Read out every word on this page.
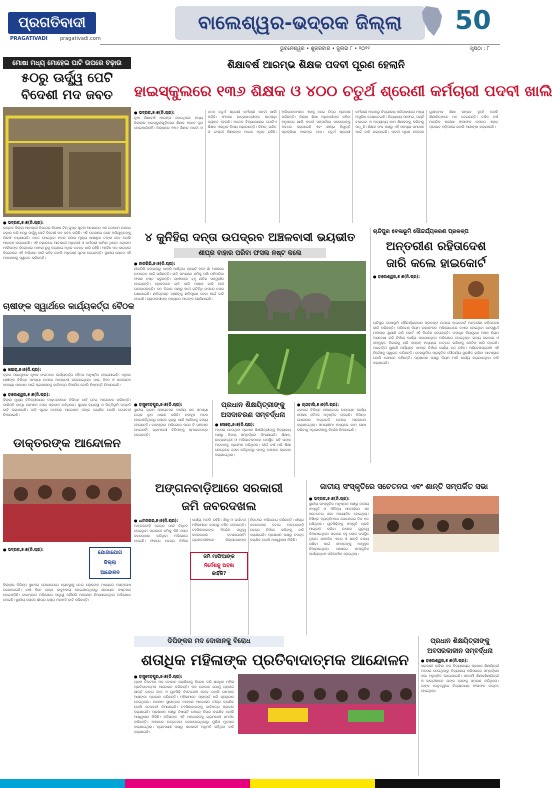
ପ୍ରଗତିବାଦୀ
PRAGATIVADI	pragativadi.com
ବାଲେଶ୍ୱର-ଭଦ୍ରକ ଜିଲ୍ଲା	50
ଭୁବନେଶ୍ୱର • ଶୁକ୍ରବାର • ଜୁଲାଇ ୮ • ୨୦୨୨	ପୃଷ୍ଠା : ୮
ମୋଷା ମଧ୍ୟ ମୋହେଇ ଘାଟି ଉପରେ ଚଢ଼ାଉ
୫୦ରୁ ଊର୍ଦ୍ଧ୍ୱ ପେଟି
ବିଦେଶୀ ମଦ ଜବତ
● ଭଦ୍ରକ,୭।୭(ନି.ପ୍ର):
ଭଦ୍ରକ ଜିଲ୍ଲା ଆବକାରୀ ବିଭାଗର ବିଶେଷ ଟିମ୍ ଗୁପ୍ତ ସୂଚନା ଆଧାରରେ ଏକ ଗୋଦାମ ଉପରେ ଚଢ଼ାଉ କରି ୫୦ରୁ ଊର୍ଦ୍ଧ୍ୱ ପେଟି ବିଦେଶୀ ମଦ ଜବତ କରିଛି। ଏହି ଘଟଣାରେ ଜଣେ ଅଭିଯୁକ୍ତଙ୍କୁ ଗିରଫ କରାଯାଇଛି। ଜବତ ହୋଇଥିବା ମଦର ବଜାର ମୂଲ୍ୟ ଲକ୍ଷାଧିକ ଟଙ୍କା ହେବ ବୋଲି ଆକଳନ କରାଯାଉଛି। ଏହି ଚଢ଼ାଉରେ ଆବକାରୀ ଅଧିକାରୀ ଓ କର୍ମଚାରୀ ସାମିଲ ଥିଲେ। ଗୋଦାମ ମାଲିକଙ୍କ ବିରୋଧରେ ମାମଲା ରୁଜୁ କରାଯାଇ ଅଧିକ ତଦନ୍ତ ଜାରି ରହିଛି। ଅବୈଧ ମଦ କାରବାର ବିରୋଧରେ ଏହି ଅଭିଯାନ ଜାରି ରହିବ ବୋଲି ଅଧିକାରୀ ସୂଚନା ଦେଇଛନ୍ତି। ସ୍ଥାନୀୟ ଲୋକେ ଏହି ପଦକ୍ଷେପକୁ ସ୍ୱାଗତ କରିଛନ୍ତି।
ଚାଷୀଙ୍କ ସ୍ୱାର୍ଥରେ କାର୍ଯ୍ୟକର୍ତ୍ତା ବୈଠକ
● ଖଇରା,୭।୭(ନି.ପ୍ର):
ବ୍ଲକ ସଭାଗୃହରେ କୃଷକ ସଂଗଠନର କାର୍ଯ୍ୟକର୍ତ୍ତା ବୈଠକ ଅନୁଷ୍ଠିତ ହୋଇଯାଇଛି। ଏଥିରେ ଚାଷୀଙ୍କ ବିଭିନ୍ନ ସମସ୍ୟା ଉପରେ ଆଲୋଚନା କରାଯାଇଥିଲା। ସାର, ବିହନ ଓ ଜଳସେଚନ ସମସ୍ୟା ସମାଧାନ ପାଇଁ ପ୍ରଶାସନକୁ ଦାବିପତ୍ର ଦିଆଯିବ ବୋଲି ନିଷ୍ପତ୍ତି ନିଆଯାଇଛି।
● ବାଲେଶ୍ୱର,୭।୭(ନି.ପ୍ର):
ଜିଲ୍ଲା ମୁଖ୍ୟ ଚିକିତ୍ସାଳୟର ଡାକ୍ତରମାନେ ବିଭିନ୍ନ ଦାବି ନେଇ ଆନ୍ଦୋଳନ କରିଛନ୍ତି। କାଳିପଟି ବାନ୍ଧି ସେମାନେ ସେବା ପ୍ରଦାନ କରିଥିଲେ। ସୁରକ୍ଷା ବ୍ୟବସ୍ଥା ଓ ଭିତ୍ତିଭୂମି ଉନ୍ନତି ଦାବି କରାଯାଇଛି। ଦାବି ପୂରଣ ନହେଲେ ଆନ୍ଦୋଳନ ତୀବ୍ର କରାଯିବ ବୋଲି ଚେତାବନୀ ଦିଆଯାଇଛି।
ଡାକ୍ତରଙ୍କ ଆନ୍ଦୋଳନ
ଯୋଗାଯୋଗ
ଜିଲ୍ଲା
ଆନ୍ଦୋଳନ
● ଭଦ୍ରକ,୭।୭(ନି.ପ୍ର):
ଜିଲ୍ଲାର ବିଭିନ୍ନ ସ୍ଥାନରେ ଯୋଗାଯୋଗ ବ୍ୟବସ୍ଥାକୁ ନେଇ ଲୋକଙ୍କ ମଧ୍ୟରେ ଅସନ୍ତୋଷ ଦେଖାଦେଇଛି। ବର୍ଷା ଦିନେ ରାସ୍ତା କାଦୁଅମୟ ହୋଇଯାଉଥିବାରୁ ଯାତାୟାତ କଷ୍ଟକର ହୋଇପଡ଼ିଛି। ବାରମ୍ବାର ଅଭିଯୋଗ ସତ୍ତ୍ୱେ କୌଣସି ପଦକ୍ଷେପ ନିଆଯାଉନଥିବା ଅଭିଯୋଗ ହୋଇଛି। ସ୍ଥାନୀୟ ଲୋକେ ଶୀଘ୍ର ରାସ୍ତା ମରାମତି ଦାବି କରିଛନ୍ତି।
ଶିକ୍ଷାବର୍ଷ ଆରମ୍ଭ ଶିକ୍ଷକ ପଦବୀ ପୂରଣ ହେଲାନି
ହାଇସ୍କୁଲରେ ୧୩୬ ଶିକ୍ଷକ ଓ ୪୦୦ ଚତୁର୍ଥ ଶ୍ରେଣୀ କର୍ମଚାରୀ ପଦବୀ ଖାଲି
● ଭଦ୍ରକ,୭।୭(ନି.ପ୍ର):
ନୂଆ ଶିକ୍ଷାବର୍ଷ ଆରମ୍ଭ ହୋଇଥିଲେ ମଧ୍ୟ ଜିଲ୍ଲାର ହାଇସ୍କୁଲଗୁଡ଼ିକରେ ଶିକ୍ଷକ ଅଭାବ ଦୂର ହୋଇପାରିନାହିଁ। ଜିଲ୍ଲାରେ ୧୩୬ ଶିକ୍ଷକ ପଦବୀ ଓ ୪୦୦ ଚତୁର୍ଥ ଶ୍ରେଣୀ କର୍ମଚାରୀ ପଦବୀ ଖାଲି ପଡ଼ିଛି। ଫଳରେ ଛାତ୍ରଛାତ୍ରୀଙ୍କ ପାଠପଢ଼ା ବ୍ୟାହତ ହେଉଛି। ଅନେକ ବିଦ୍ୟାଳୟରେ ଗୋଟିଏ ଶିକ୍ଷକ ଏକାଧିକ ବିଷୟ ପଢ଼ାଉଛନ୍ତି। ବିଜ୍ଞାନ, ଗଣିତ ଓ ଇଂରାଜୀ ଶିକ୍ଷକଙ୍କ ଅଭାବ ଅଧିକ ରହିଛି। ଅଭିଭାବକମାନେ ଏହାକୁ ନେଇ ଚିନ୍ତା ପ୍ରକାଶ କରିଛନ୍ତି। ଜିଲ୍ଲା ଶିକ୍ଷା ଅଧିକାରୀଙ୍କ କହିବା ଅନୁସାରେ ଖାଲି ପଦବୀ ସମ୍ପର୍କରେ ସରକାରଙ୍କୁ ଅବଗତ କରାଯାଇଛି ଏବଂ ଶୀଘ୍ର ନିଯୁକ୍ତି ପ୍ରକ୍ରିୟା ଆରମ୍ଭ ହେବ। ଚତୁର୍ଥ ଶ୍ରେଣୀ କର୍ମଚାରୀ ଅଭାବରୁ ବିଦ୍ୟାଳୟ ପରିଚାଳନାରେ ମଧ୍ୟ ଅସୁବିଧା ଦେଖାଦେଇଛି। ବିଦ୍ୟାଳୟ ସଫେଇ, ଘଣ୍ଟି ବଜାଇବା ଓ ଅନ୍ୟାନ୍ୟ କାମ ଶିକ୍ଷକଙ୍କୁ କରିବାକୁ ପଡ଼ୁଛି। ଶିକ୍ଷକ ସଂଘ ପକ୍ଷରୁ ଏହି ସମସ୍ୟା ସମାଧାନ ପାଇଁ ଦାବି କରାଯାଇଛି। ପଦବୀ ପୂରଣ ନହେଲେ ଗୁଣାତ୍ମକ ଶିକ୍ଷା ସମ୍ଭବ ନୁହେଁ ବୋଲି ଶିକ୍ଷାବିତ୍‌ମାନେ ମତ ଦେଇଛନ୍ତି। ଚଳିତ ବର୍ଷ ମାଟ୍ରିକ ପରୀକ୍ଷା ଫଳାଫଳ ଉପରେ ଏହାର ପ୍ରଭାବ ପଡ଼ିପାରେ ବୋଲି ଆଶଙ୍କା କରାଯାଉଛି।
୪ କୁନିହିରା ଦନ୍ତା ଉପଦ୍ରବ ଅଞ୍ଚଳବାସୀ ଭୟଭୀତ
ଶୀଘ୍ର ବାହାର ପରିବା ଫସଲ ନଷ୍ଟ କଲେ
● ନୀଳଗିରି,୭।୭(ନି.ପ୍ର):
ନୀଳଗିରି ଜଙ୍ଗଲରୁ ବାହାରି ଆସିଥିବା ଚାରୋଟି ହାତୀ ଗାଁ ଅଞ୍ଚଳରେ ଉପଦ୍ରବ ଜାରି ରଖିଛନ୍ତି। ରାତି ସମୟରେ ଜମିକୁ ପଶି ପନିପରିବା ଫସଲ ନଷ୍ଟ କରୁଛନ୍ତି। ଚାଷୀମାନେ ବହୁ କ୍ଷତିର ସମ୍ମୁଖୀନ ହୋଇଛନ୍ତି। ଲୋକମାନେ ରାତି ଜାଗି ମଶାଲ ଜାଳି ହାତୀ ଘଉଡ଼ାଉଛନ୍ତି। ବନ ବିଭାଗ ପକ୍ଷରୁ ହାତୀ ଗତିବିଧି ଉପରେ ନଜର ରଖାଯାଇଛି। କ୍ଷତିଗ୍ରସ୍ତ ଚାଷୀଙ୍କୁ କ୍ଷତିପୂରଣ ଦେବା ପାଇଁ ଦାବି ହୋଇଛି। ଗ୍ରାମବାସୀଙ୍କ ମଧ୍ୟରେ ଆତଙ୍କ ଖେଳିଯାଇଛି।
ଚାନ୍ଦିପୁର ବେଳାଭୂମି ସୌନ୍ଦର୍ଯ୍ୟକରଣ ପ୍ରକଳ୍ପ
ଅନ୍ତରୀଣ ରହିତାଦେଶ
ଜାରି କଲେ ହାଇକୋର୍ଟ
● ବାଲେଶ୍ୱର,୭।୭(ନି.ପ୍ର):
ଚାନ୍ଦିପୁର ବେଳାଭୂମି ସୌନ୍ଦର୍ଯ୍ୟକରଣ ପ୍ରକଳ୍ପ ଉପରେ ହାଇକୋର୍ଟ ଅନ୍ତରୀଣ ରହିତାଦେଶ ଜାରି କରିଛନ୍ତି। ପରିବେଶ ନିୟମ ଉଲ୍ଲଂଘନ ଅଭିଯୋଗରେ ଦାଏର ହୋଇଥିବା ଜନସ୍ୱାର୍ଥ ମାମଲାର ଶୁଣାଣି କରି କୋର୍ଟ ଏହି ନିର୍ଦ୍ଦେଶ ଦେଇଛନ୍ତି। ଉପକୂଳ ନିୟନ୍ତ୍ରଣ ଅଞ୍ଚଳ ନିୟମ ଅଣଦେଖା କରି ନିର୍ମାଣ କାର୍ଯ୍ୟ କରାଯାଉଥିବା ଅଭିଯୋଗ ହୋଇଥିଲା। ରାଜ୍ୟ ସରକାର ଓ ସମ୍ପୃକ୍ତ ବିଭାଗକୁ ଚାରି ସପ୍ତାହ ମଧ୍ୟରେ ଉତ୍ତର ରଖିବାକୁ ନୋଟିସ ଜାରି ହୋଇଛି। ପରବର୍ତ୍ତୀ ଶୁଣାଣି ପର୍ଯ୍ୟନ୍ତ ସମସ୍ତ ନିର୍ମାଣ କାର୍ଯ୍ୟ ବନ୍ଦ ରହିବ। ପରିବେଶପ୍ରେମୀ ଏହି ନିର୍ଦ୍ଦେଶକୁ ସ୍ୱାଗତ କରିଛନ୍ତି। ବେଳାଭୂମିର ପ୍ରାକୃତିକ ସୌନ୍ଦର୍ଯ୍ୟ ସୁରକ୍ଷିତ ରଖିବା ଆବଶ୍ୟକ ବୋଲି ସେମାନେ କହିଛନ୍ତି। ପ୍ରଶାସନ ପକ୍ଷରୁ ନିୟମ ମାନି କାର୍ଯ୍ୟ କରାଯାଉଥିବା ଦାବି କରାଯାଇଛି।
● ବାସୁଦେବପୁର,୭।୭(ନି.ପ୍ର):
ସ୍ଥାନୀୟ ଗ୍ରାମ ପଞ୍ଚାୟତରେ ପାନୀୟ ଜଳ ସମସ୍ୟା ଉଗ୍ର ରୂପ ଧାରଣ କରିଛି। ନଳକୂପ ଅଚଳ ହୋଇପଡ଼ିଥିବାରୁ ଲୋକେ ଦୂରରୁ ପାଣି ଆଣିବାକୁ ବାଧ୍ୟ ହେଉଛନ୍ତି। ବାରମ୍ବାର ଅଭିଯୋଗ ପରେ ବି ସମାଧାନ ହୋଇନାହିଁ। ଗ୍ରାମବାସୀ ବିଡିଓଙ୍କୁ ସ୍ମାରକପତ୍ର ଦେଇଛନ୍ତି।
ପ୍ରଧାନ ଶିକ୍ଷୟିତ୍ରୀଙ୍କୁ
ଅସଦାଚରଣ ସମ୍ବର୍ଦ୍ଧନା
● ସୋରୋ,୭।୭(ନି.ପ୍ର):
ଅବସର ନେଉଥିବା ପ୍ରଧାନ ଶିକ୍ଷୟିତ୍ରୀଙ୍କୁ ବିଦ୍ୟାଳୟ ପକ୍ଷରୁ ବିଦାୟ ସମ୍ବର୍ଦ୍ଧନା ଦିଆଯାଇଛି। ଶିକ୍ଷକ, ଛାତ୍ରଛାତ୍ରୀ ଓ ଅଭିଭାବକମାନେ ଉପସ୍ଥିତ ରହି ତାଙ୍କ ଅବଦାନକୁ ପ୍ରଶଂସା କରିଥିଲେ। ଦୀର୍ଘ ବର୍ଷ ଧରି ଶିକ୍ଷା କ୍ଷେତ୍ରରେ ସେବା କରିଥିବାରୁ ତାଙ୍କୁ ଉପହାର ପ୍ରଦାନ କରାଯାଇଥିଲା।
● ଚାନ୍ଦବାଲି,୭।୭(ନି.ପ୍ର):
ବ୍ଲକର ବିଭିନ୍ନ ପଞ୍ଚାୟତରେ ଉନ୍ନୟନ କାର୍ଯ୍ୟ ସମୀକ୍ଷା ବୈଠକ ଅନୁଷ୍ଠିତ ହୋଇଛି। ବିଭିନ୍ନ ଯୋଜନାର ଅଗ୍ରଗତି ଉପରେ ଆଲୋଚନା କରାଯାଇଥିଲା। ସମୟସୀମା ମଧ୍ୟରେ କାମ ଶେଷ କରିବାକୁ ଅଧିକାରୀଙ୍କୁ ନିର୍ଦ୍ଦେଶ ଦିଆଯାଇଛି।
ଅଙ୍ଗନବାଡ଼ିଆରେ ସରକାରୀ
ଜମି ଜବରଦଖଲ
● ଧାମନଗର,୭।୭(ନି.ପ୍ର):
ଅଙ୍ଗନବାଡ଼ି କେନ୍ଦ୍ର ପାଇଁ ଚିହ୍ନଟ ହୋଇଥିବା ସରକାରୀ ଜମିକୁ କିଛି ଲୋକ ଜବରଦଖଲ କରିଥିବା ଅଭିଯୋଗ ହୋଇଛି। ଫଳରେ କେନ୍ଦ୍ର ନିର୍ମାଣ କାର୍ଯ୍ୟ ଅଟକି ରହିଛି। ଶିଶୁ ଓ ଗର୍ଭବତୀ ମହିଳାମାନେ ସେବାରୁ ବଞ୍ଚିତ ହେଉଛନ୍ତି। ତହସିଲଦାରଙ୍କ ନିର୍ଦ୍ଦେଶ ସତ୍ତ୍ୱେ ଜବରଦଖଲ ହଟାଯାଇନାହିଁ। ଗ୍ରାମବାସୀମାନେ ଜିଲ୍ଲାପାଳଙ୍କ ନିକଟରେ ଅଭିଯୋଗ କରିଛନ୍ତି। ଶୀଘ୍ର ଜବରଦଖଲ ହଟାଇ ଅଙ୍ଗନବାଡ଼ି କେନ୍ଦ୍ର ନିର୍ମାଣ କରିବାକୁ ଦାବି କରାଯାଇଛି। ପ୍ରଶାସନ ପକ୍ଷରୁ ତଦନ୍ତ କରାଯିବ ବୋଲି ଆଶ୍ୱାସନା ମିଳିଛି।
ଜମି ମାଫିଆଙ୍କ
ନିର୍ଦ୍ଦେଶକୁ ଅବଜ୍ଞା
କାହିଁକି?
ଜାତୀୟ ସଂସ୍କୃତିରେ ସଚେତନତା ଏବଂ ଶାନ୍ତି ସମ୍ପର୍କିତ ସଭା
● ଭଦ୍ରକ,୭।୭(ନି.ପ୍ର):
ସ୍ଥାନୀୟ ସାଂସ୍କୃତିକ ଅନୁଷ୍ଠାନ ପକ୍ଷରୁ ଜାତୀୟ ସଂସ୍କୃତି ଓ ଐତିହ୍ୟ ସମ୍ପର୍କରେ ଏକ ସଚେତନତା ସଭା ଆୟୋଜିତ ହୋଇଥିଲା। ବିଶିଷ୍ଟ ବ୍ୟକ୍ତିମାନେ ଯୋଗଦେଇ ନିଜ ମତ ରଖିଥିଲେ। ଯୁବପିଢ଼ିଙ୍କୁ ସଂସ୍କୃତି ପ୍ରତି ଆଗ୍ରହୀ କରିବା ଉପରେ ଗୁରୁତ୍ୱ ଦିଆଯାଇଥିଲା। ସଭାରେ ବହୁ ଲୋକ ଉପସ୍ଥିତ ଥିଲେ। ସାମାଜିକ ଏକତା ଓ ଶାନ୍ତି ବଜାୟ ରଖିବା ପାଇଁ ସମସ୍ତଙ୍କୁ ଆହ୍ୱାନ ଦିଆଯାଇଥିଲା। ଶେଷରେ ସାଂସ୍କୃତିକ କାର୍ଯ୍ୟକ୍ରମ ପରିବେଷିତ ହୋଇଥିଲା।
ପ୍ରଧାନ ଶିକ୍ଷୟିତ୍ରୀଙ୍କୁ
ଅବସରକାଳୀନ ସମ୍ବର୍ଦ୍ଧନା
● ବାଲେଶ୍ୱର,୭।୭(ନି.ପ୍ର):
ସରକାରୀ ବାଳିକା ଉଚ୍ଚ ବିଦ୍ୟାଳୟର ପ୍ରଧାନ ଶିକ୍ଷୟିତ୍ରୀ ଅବସର ନେଇଥିବାରୁ ବିଦ୍ୟାଳୟ ପରିସରରେ ସମ୍ବର୍ଦ୍ଧନା ସଭା ଅନୁଷ୍ଠିତ ହୋଇଯାଇଛି। ସହକର୍ମୀ ଶିକ୍ଷକଶିକ୍ଷୟିତ୍ରୀ ଓ ଛାତ୍ରୀମାନେ ତାଙ୍କ ସେବାକୁ ସ୍ମରଣ କରିଥିଲେ। ତାଙ୍କ ନେତୃତ୍ୱରେ ବିଦ୍ୟାଳୟର ଫଳାଫଳ ଉନ୍ନତ ହୋଇଥିଲା।
ଡିପିଙ୍କର ମଦ ଦୋକାନକୁ ବିରୋଧ
ଶତାଧିକ ମହିଳାଙ୍କ ପ୍ରତିବାଦାତ୍ମକ ଆନ୍ଦୋଳନ
● ବାସୁଦେବପୁର,୭।୭(ନି.ପ୍ର):
ଗ୍ରାମ ନିକଟରେ ମଦ ଦୋକାନ ଖୋଲିବାକୁ ବିରୋଧ କରି ଶତାଧିକ ମହିଳା ପ୍ରତିବାଦାତ୍ମକ ଆନ୍ଦୋଳନ କରିଛନ୍ତି। ମଦ ଦୋକାନ ଯୋଗୁଁ ଗ୍ରାମର ଶାନ୍ତି ଭଙ୍ଗ ହେବ ଓ ଯୁବପିଢ଼ି ବିପଥଗାମୀ ହେବେ ବୋଲି ସେମାନେ ଆଶଙ୍କା ପ୍ରକାଶ କରିଛନ୍ତି। ମହିଳାମାନେ ପ୍ଲାକାର୍ଡ ଧରି ସ୍ଲୋଗାନ ଦେଇଥିଲେ। ଦୋକାନ ସ୍ଥାନାନ୍ତର ନହେଲେ ଆନ୍ଦୋଳନ ତୀବ୍ର କରାଯିବ ବୋଲି ଚେତାବନୀ ଦିଆଯାଇଛି। ତହସିଲଦାରଙ୍କୁ ଦାବିପତ୍ର ପ୍ରଦାନ କରାଯାଇଛି। ପ୍ରଶାସନ ପକ୍ଷରୁ ବିଷୟଟି ଉପରେ ବିଚାର କରାଯିବ ବୋଲି ଆଶ୍ୱାସନା ମିଳିଛି। ମହିଳାଙ୍କ ଏହି ଆନ୍ଦୋଳନକୁ ଗ୍ରାମବାସୀ ସମର୍ଥନ କରିଛନ୍ତି। ଅଞ୍ଚଳରେ ଉତ୍ତେଜନା ଦେଖାଦେଇଥିବାରୁ ପୁଲିସ ମୁତୟନ କରାଯାଇଥିଲା। ବ୍ୟବସାୟୀ ପକ୍ଷରୁ ସରକାରୀ ଅନୁମତି ରହିଥିବା ଦାବି କରାଯାଇଛି।
